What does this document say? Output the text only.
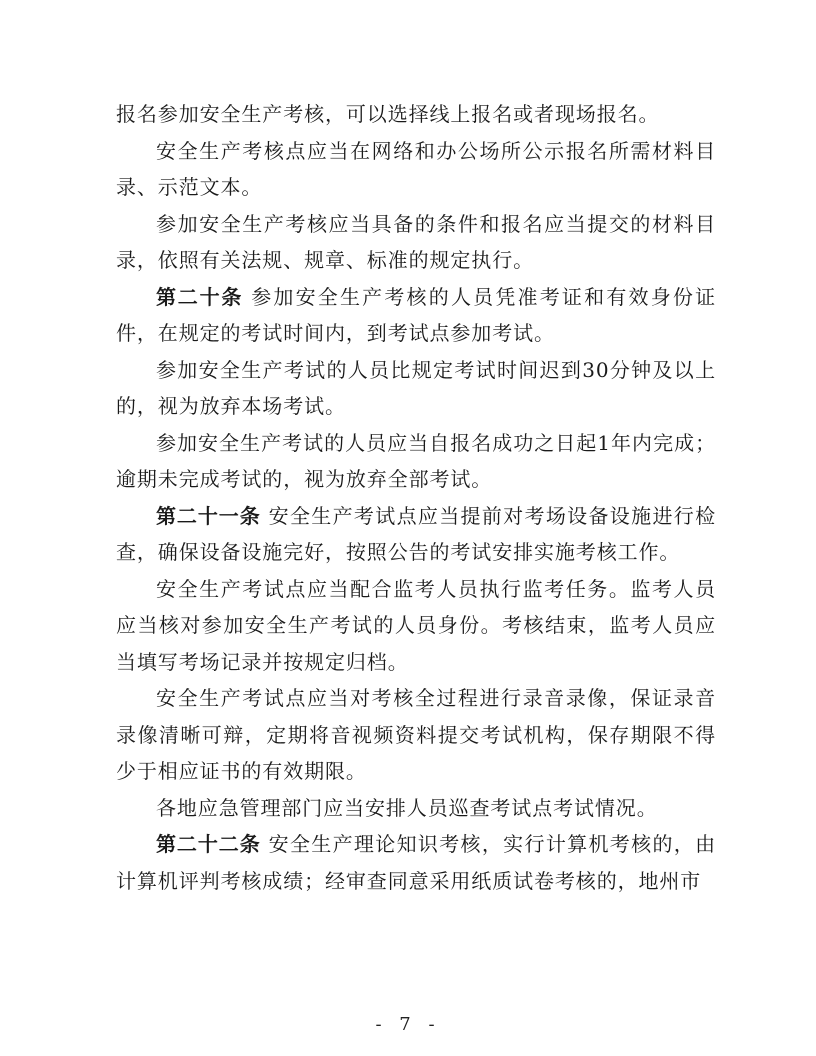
报名参加安全生产考核，可以选择线上报名或者现场报名。

安全生产考核点应当在网络和办公场所公示报名所需材料目录、示范文本。

参加安全生产考核应当具备的条件和报名应当提交的材料目录，依照有关法规、规章、标准的规定执行。

第二十条 参加安全生产考核的人员凭准考证和有效身份证件，在规定的考试时间内，到考试点参加考试。

参加安全生产考试的人员比规定考试时间迟到30分钟及以上的，视为放弃本场考试。

参加安全生产考试的人员应当自报名成功之日起1年内完成；逾期未完成考试的，视为放弃全部考试。

第二十一条 安全生产考试点应当提前对考场设备设施进行检查，确保设备设施完好，按照公告的考试安排实施考核工作。

安全生产考试点应当配合监考人员执行监考任务。监考人员应当核对参加安全生产考试的人员身份。考核结束，监考人员应当填写考场记录并按规定归档。

安全生产考试点应当对考核全过程进行录音录像，保证录音录像清晰可辩，定期将音视频资料提交考试机构，保存期限不得少于相应证书的有效期限。

各地应急管理部门应当安排人员巡查考试点考试情况。

第二十二条 安全生产理论知识考核，实行计算机考核的，由计算机评判考核成绩；经审查同意采用纸质试卷考核的，地州市

- 7 -
